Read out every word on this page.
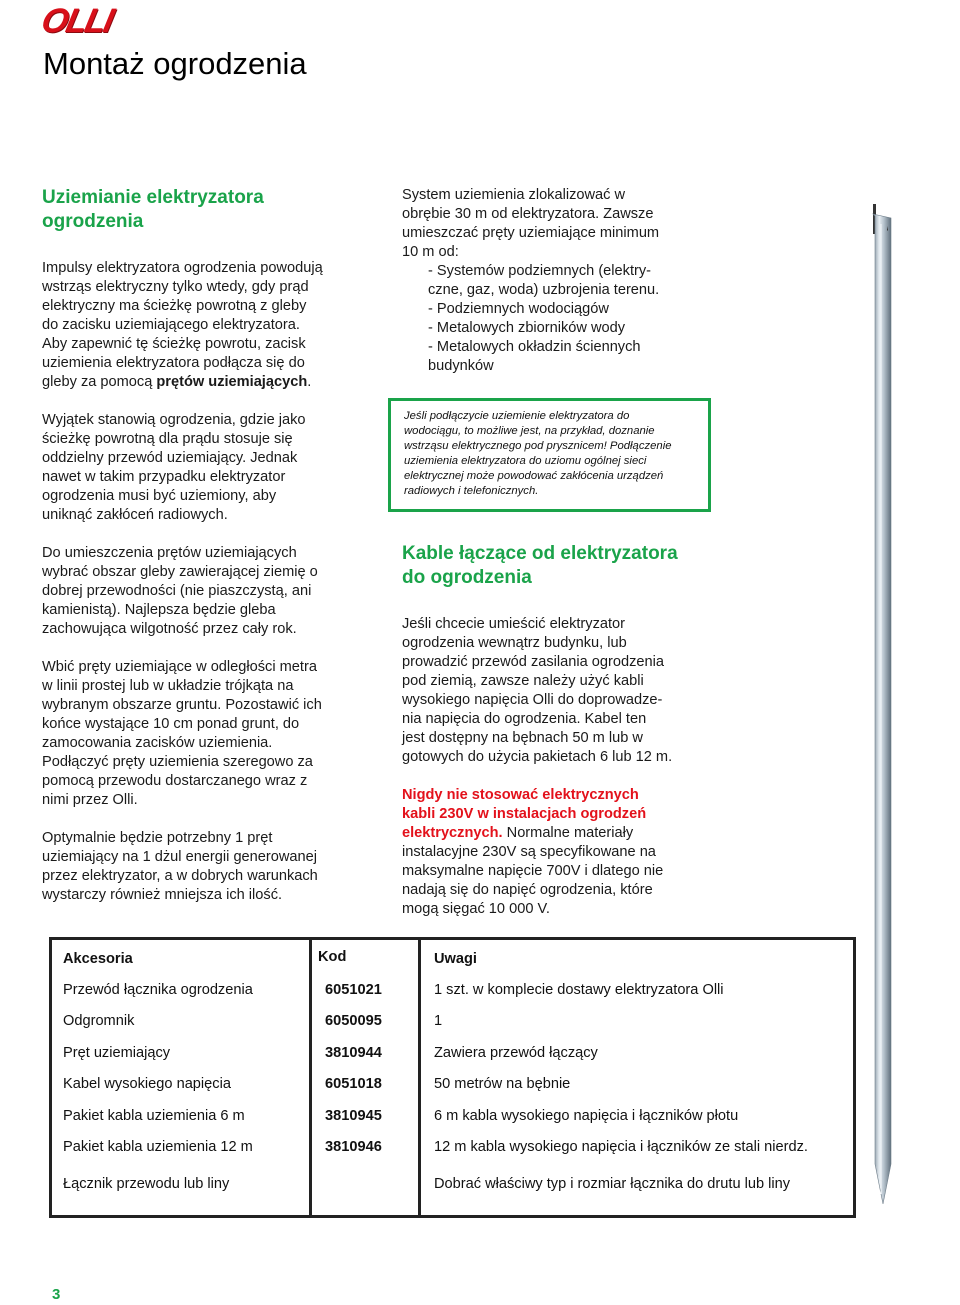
OLLI
Montaż ogrodzenia
Uziemianie elektryzatora
ogrodzenia
Impulsy elektryzatora ogrodzenia powodują
wstrząs elektryczny tylko wtedy, gdy prąd
elektryczny ma ścieżkę powrotną z gleby
do zacisku uziemiającego elektryzatora.
Aby zapewnić tę ścieżkę powrotu, zacisk
uziemienia elektryzatora podłącza się do
gleby za pomocą prętów uziemiających.
Wyjątek stanowią ogrodzenia, gdzie jako
ścieżkę powrotną dla prądu stosuje się
oddzielny przewód uziemiający. Jednak
nawet w takim przypadku elektryzator
ogrodzenia musi być uziemiony, aby
uniknąć zakłóceń radiowych.
Do umieszczenia prętów uziemiających
wybrać obszar gleby zawierającej ziemię o
dobrej przewodności (nie piaszczystą, ani
kamienistą). Najlepsza będzie gleba
zachowująca wilgotność przez cały rok.
Wbić pręty uziemiające w odległości metra
w linii prostej lub w układzie trójkąta na
wybranym obszarze gruntu. Pozostawić ich
końce wystające 10 cm ponad grunt, do
zamocowania zacisków uziemienia.
Podłączyć pręty uziemienia szeregowo za
pomocą przewodu dostarczanego wraz z
nimi przez Olli.
Optymalnie będzie potrzebny 1 pręt
uziemiający na 1 dżul energii generowanej
przez elektryzator, a w dobrych warunkach
wystarczy również mniejsza ich ilość.
System uziemienia zlokalizować w
obrębie 30 m od elektryzatora. Zawsze
umieszczać pręty uziemiające minimum
10 m od:
- Systemów podziemnych (elektry-
czne, gaz, woda) uzbrojenia terenu.
- Podziemnych wodociągów
- Metalowych zbiorników wody
- Metalowych okładzin ściennych
budynków
Jeśli podłączycie uziemienie elektryzatora do
wodociągu, to możliwe jest, na przykład, doznanie
wstrząsu elektrycznego pod prysznicem! Podłączenie
uziemienia elektryzatora do uziomu ogólnej sieci
elektrycznej może powodować zakłócenia urządzeń
radiowych i telefonicznych.
Kable łączące od elektryzatora
do ogrodzenia
Jeśli chcecie umieścić elektryzator
ogrodzenia wewnątrz budynku, lub
prowadzić przewód zasilania ogrodzenia
pod ziemią, zawsze należy użyć kabli
wysokiego napięcia Olli do doprowadze-
nia napięcia do ogrodzenia. Kabel ten
jest dostępny na bębnach 50 m lub w
gotowych do użycia pakietach 6 lub 12 m.
Nigdy nie stosować elektrycznych
kabli 230V w instalacjach ogrodzeń
elektrycznych. Normalne materiały
instalacyjne 230V są specyfikowane na
maksymalne napięcie 700V i dlatego nie
nadają się do napięć ogrodzenia, które
mogą sięgać 10 000 V.
Akcesoria	Kod	Uwagi
Przewód łącznika ogrodzenia	6051021	1 szt. w komplecie dostawy elektryzatora Olli
Odgromnik	6050095	1
Pręt uziemiający	3810944	Zawiera przewód łączący
Kabel wysokiego napięcia	6051018	50 metrów na bębnie
Pakiet kabla uziemienia 6 m	3810945	6 m kabla wysokiego napięcia i łączników płotu
Pakiet kabla uziemienia 12 m	3810946	12 m kabla wysokiego napięcia i łączników ze stali nierdz.
Łącznik przewodu lub liny		Dobrać właściwy typ i rozmiar łącznika do drutu lub liny
3
